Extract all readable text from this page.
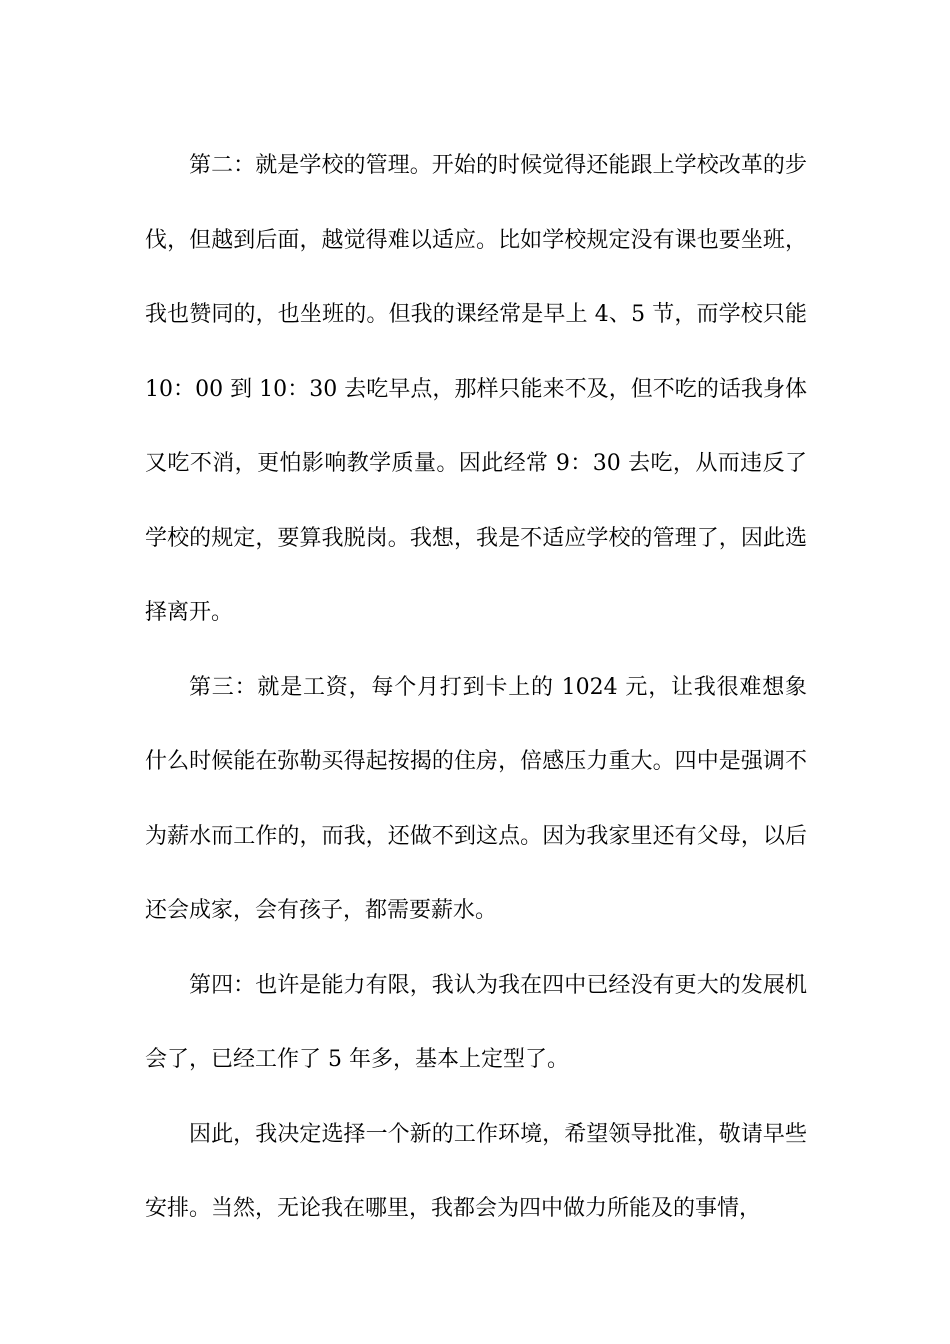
第二：就是学校的管理。开始的时候觉得还能跟上学校改革的步伐，但越到后面，越觉得难以适应。比如学校规定没有课也要坐班，我也赞同的，也坐班的。但我的课经常是早上 4、5 节，而学校只能 10：00 到 10：30 去吃早点，那样只能来不及，但不吃的话我身体又吃不消，更怕影响教学质量。因此经常 9：30 去吃，从而违反了学校的规定，要算我脱岗。我想，我是不适应学校的管理了，因此选择离开。

第三：就是工资，每个月打到卡上的 1024 元，让我很难想象什么时候能在弥勒买得起按揭的住房，倍感压力重大。四中是强调不为薪水而工作的，而我，还做不到这点。因为我家里还有父母，以后还会成家，会有孩子，都需要薪水。

第四：也许是能力有限，我认为我在四中已经没有更大的发展机会了，已经工作了 5 年多，基本上定型了。

因此，我决定选择一个新的工作环境，希望领导批准，敬请早些安排。当然，无论我在哪里，我都会为四中做力所能及的事情，
